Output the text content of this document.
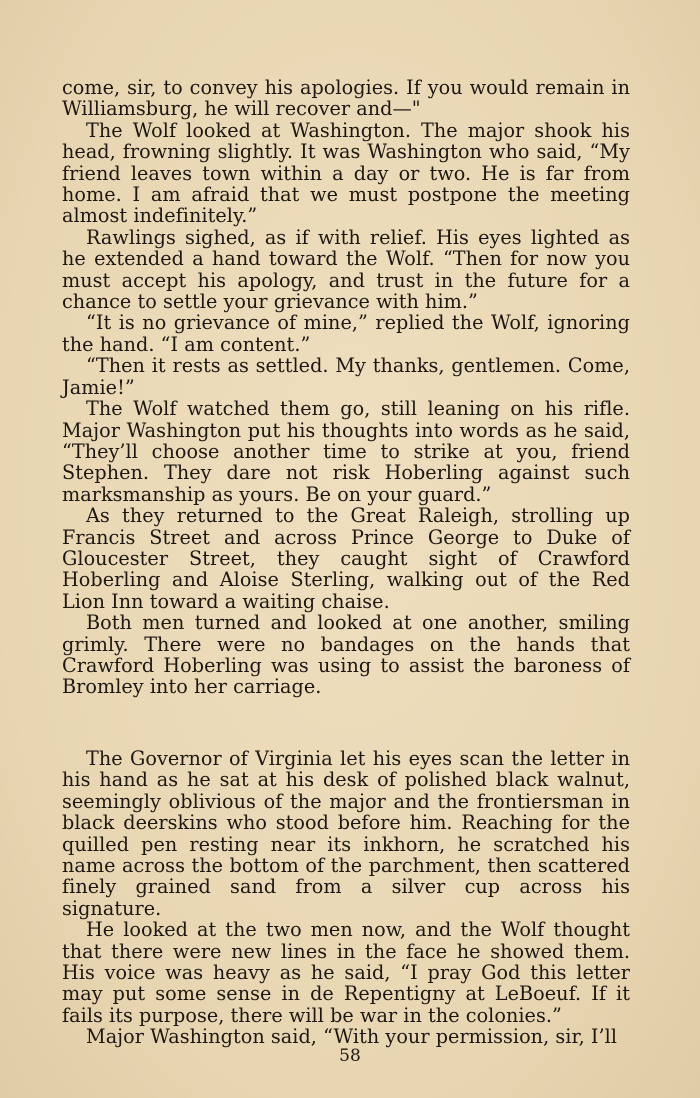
come, sir, to convey his apologies. If you would remain in Williamsburg, he will recover and—"

The Wolf looked at Washington. The major shook his head, frowning slightly. It was Washington who said, “My friend leaves town within a day or two. He is far from home. I am afraid that we must postpone the meeting almost indefinitely.”

Rawlings sighed, as if with relief. His eyes lighted as he extended a hand toward the Wolf. “Then for now you must accept his apology, and trust in the future for a chance to settle your grievance with him.”

“It is no grievance of mine,” replied the Wolf, ignoring the hand. “I am content.”

“Then it rests as settled. My thanks, gentlemen. Come, Jamie!”

The Wolf watched them go, still leaning on his rifle. Major Washington put his thoughts into words as he said, “They’ll choose another time to strike at you, friend Stephen. They dare not risk Hoberling against such marksmanship as yours. Be on your guard.”

As they returned to the Great Raleigh, strolling up Francis Street and across Prince George to Duke of Gloucester Street, they caught sight of Crawford Hoberling and Aloise Sterling, walking out of the Red Lion Inn toward a waiting chaise.

Both men turned and looked at one another, smiling grimly. There were no bandages on the hands that Crawford Hoberling was using to assist the baroness of Bromley into her carriage.

The Governor of Virginia let his eyes scan the letter in his hand as he sat at his desk of polished black walnut, seemingly oblivious of the major and the frontiersman in black deerskins who stood before him. Reaching for the quilled pen resting near its inkhorn, he scratched his name across the bottom of the parchment, then scattered finely grained sand from a silver cup across his signature.

He looked at the two men now, and the Wolf thought that there were new lines in the face he showed them. His voice was heavy as he said, “I pray God this letter may put some sense in de Repentigny at LeBoeuf. If it fails its purpose, there will be war in the colonies.”

Major Washington said, “With your permission, sir, I’ll

58
